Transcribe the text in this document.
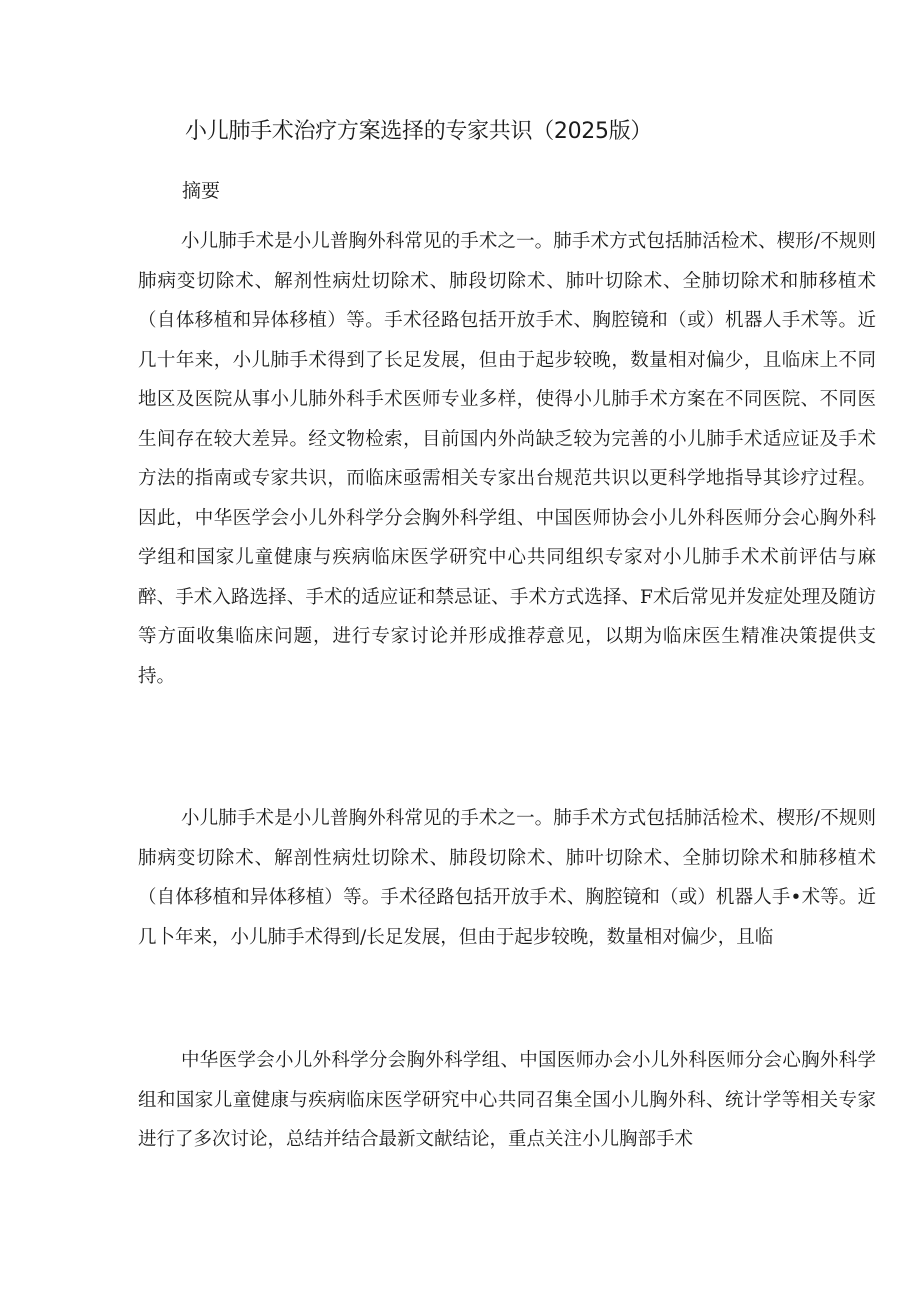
小儿肺手术治疗方案选择的专家共识（2025版）
摘要

小儿肺手术是小儿普胸外科常见的手术之一。肺手术方式包括肺活检术、楔形/不规则肺病变切除术、解剂性病灶切除术、肺段切除术、肺叶切除术、全肺切除术和肺移植术（自体移植和异体移植）等。手术径路包括开放手术、胸腔镜和（或）机器人手术等。近几十年来，小儿肺手术得到了长足发展，但由于起步较晚，数量相对偏少，且临床上不同地区及医院从事小儿肺外科手术医师专业多样，使得小儿肺手术方案在不同医院、不同医生间存在较大差异。经文物检索，目前国内外尚缺乏较为完善的小儿肺手术适应证及手术方法的指南或专家共识，而临床亟需相关专家出台规范共识以更科学地指导其诊疗过程。因此，中华医学会小儿外科学分会胸外科学组、中国医师协会小儿外科医师分会心胸外科学组和国家儿童健康与疾病临床医学研究中心共同组织专家对小儿肺手术术前评估与麻醉、手术入路选择、手术的适应证和禁忌证、手术方式选择、F术后常见并发症处理及随访等方面收集临床问题，进行专家讨论并形成推荐意见，以期为临床医生精准决策提供支持。

小儿肺手术是小儿普胸外科常见的手术之一。肺手术方式包括肺活检术、楔形/不规则肺病变切除术、解剖性病灶切除术、肺段切除术、肺叶切除术、全肺切除术和肺移植术（自体移植和异体移植）等。手术径路包括开放手术、胸腔镜和（或）机器人手•术等。近几卜年来，小儿肺手术得到/长足发展，但由于起步较晚，数量相对偏少，且临

中华医学会小儿外科学分会胸外科学组、中国医师办会小儿外科医师分会心胸外科学组和国家儿童健康与疾病临床医学研究中心共同召集全国小儿胸外科、统计学等相关专家进行了多次讨论，总结并结合最新文献结论，重点关注小儿胸部手术
